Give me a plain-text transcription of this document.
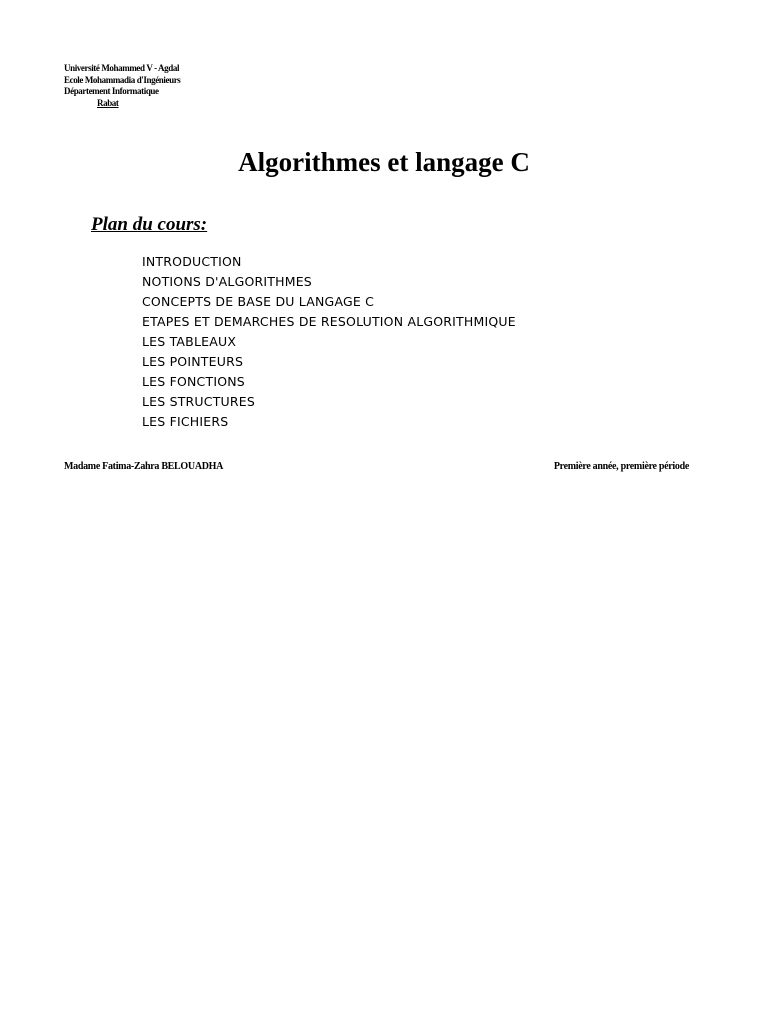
Université Mohammed V - Agdal
Ecole Mohammadia d'Ingénieurs
Département Informatique
Rabat
Algorithmes et langage C
Plan du cours:
INTRODUCTION
NOTIONS D'ALGORITHMES
CONCEPTS DE BASE DU LANGAGE C
ETAPES ET DEMARCHES DE RESOLUTION ALGORITHMIQUE
LES TABLEAUX
LES POINTEURS
LES FONCTIONS
LES STRUCTURES
LES FICHIERS
Madame Fatima-Zahra BELOUADHA	Première année, première période
